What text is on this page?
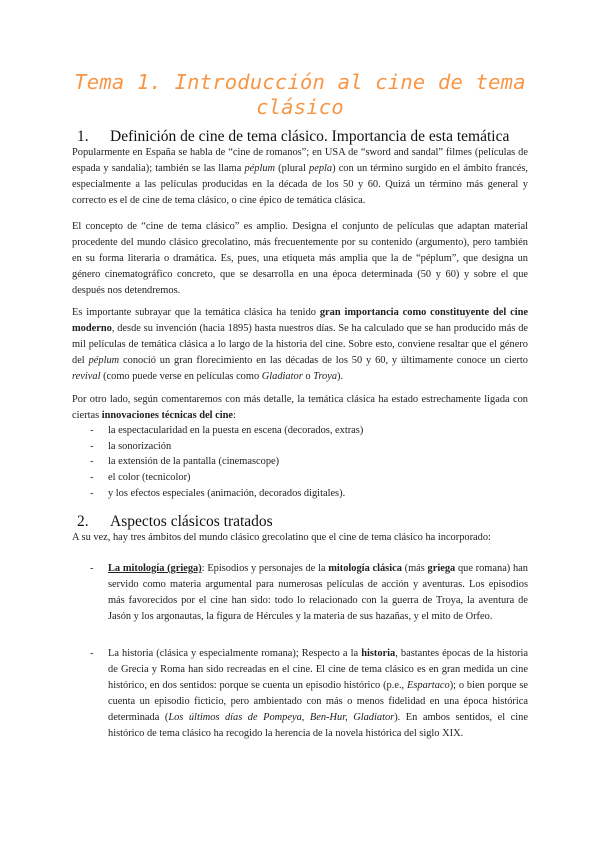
Tema 1. Introducción al cine de tema clásico
1. Definición de cine de tema clásico. Importancia de esta temática
Popularmente en España se habla de “cine de romanos”; en USA de “sword and sandal” filmes (películas de espada y sandalia); también se las llama péplum (plural pepla) con un término surgido en el ámbito francés, especialmente a las películas producidas en la década de los 50 y 60. Quizá un término más general y correcto es el de cine de tema clásico, o cine épico de temática clásica.
El concepto de “cine de tema clásico” es amplio. Designa el conjunto de películas que adaptan material procedente del mundo clásico grecolatino, más frecuentemente por su contenido (argumento), pero también en su forma literaria o dramática. Es, pues, una etiqueta más amplia que la de “péplum”, que designa un género cinematográfico concreto, que se desarrolla en una época determinada (50 y 60) y sobre el que después nos detendremos.
Es importante subrayar que la temática clásica ha tenido gran importancia como constituyente del cine moderno, desde su invención (hacia 1895) hasta nuestros días. Se ha calculado que se han producido más de mil películas de temática clásica a lo largo de la historia del cine. Sobre esto, conviene resaltar que el género del péplum conoció un gran florecimiento en las décadas de los 50 y 60, y últimamente conoce un cierto revival (como puede verse en películas como Gladiator o Troya).
Por otro lado, según comentaremos con más detalle, la temática clásica ha estado estrechamente ligada con ciertas innovaciones técnicas del cine:
- la espectacularidad en la puesta en escena (decorados, extras)
- la sonorización
- la extensión de la pantalla (cinemascope)
- el color (tecnicolor)
- y los efectos especiales (animación, decorados digitales).
2. Aspectos clásicos tratados
A su vez, hay tres ámbitos del mundo clásico grecolatino que el cine de tema clásico ha incorporado:
- La mitología (griega): Episodios y personajes de la mitología clásica (más griega que romana) han servido como materia argumental para numerosas películas de acción y aventuras. Los episodios más favorecidos por el cine han sido: todo lo relacionado con la guerra de Troya, la aventura de Jasón y los argonautas, la figura de Hércules y la materia de sus hazañas, y el mito de Orfeo.
- La historia (clásica y especialmente romana); Respecto a la historia, bastantes épocas de la historia de Grecia y Roma han sido recreadas en el cine. El cine de tema clásico es en gran medida un cine histórico, en dos sentidos: porque se cuenta un episodio histórico (p.e., Espartaco); o bien porque se cuenta un episodio ficticio, pero ambientado con más o menos fidelidad en una época histórica determinada (Los últimos días de Pompeya, Ben-Hur, Gladiator). En ambos sentidos, el cine histórico de tema clásico ha recogido la herencia de la novela histórica del siglo XIX.
